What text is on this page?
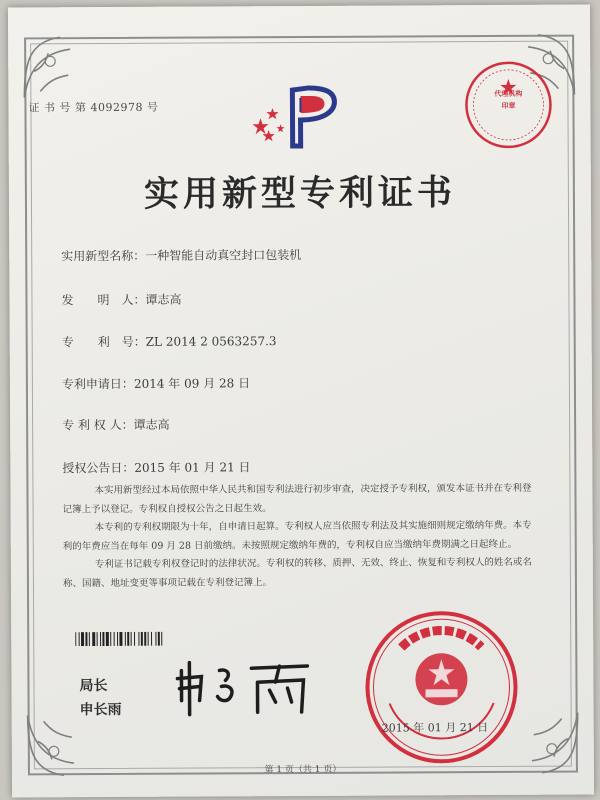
证 书 号 第 4092978 号
代理机构
印章
实用新型专利证书
实用新型名称：一种智能自动真空封口包装机
发　　明　人：谭志高
专　　利　号：ZL 2014 2 0563257.3
专利申请日：2014 年 09 月 28 日
专 利 权 人：谭志高
授权公告日：2015 年 01 月 21 日

本实用新型经过本局依照中华人民共和国专利法进行初步审查，决定授予专利权，颁发本证书并在专利登记簿上予以登记。专利权自授权公告之日起生效。

本专利的专利权期限为十年，自申请日起算。专利权人应当依照专利法及其实施细则规定缴纳年费。本专利的年费应当在每年 09 月 28 日前缴纳。未按照规定缴纳年费的，专利权自应当缴纳年费期满之日起终止。

专利证书记载专利权登记时的法律状况。专利权的转移、质押、无效、终止、恢复和专利权人的姓名或名称、国籍、地址变更等事项记载在专利登记簿上。

局长
申长雨
2015 年 01 月 21 日
第 1 页（共 1 页）
